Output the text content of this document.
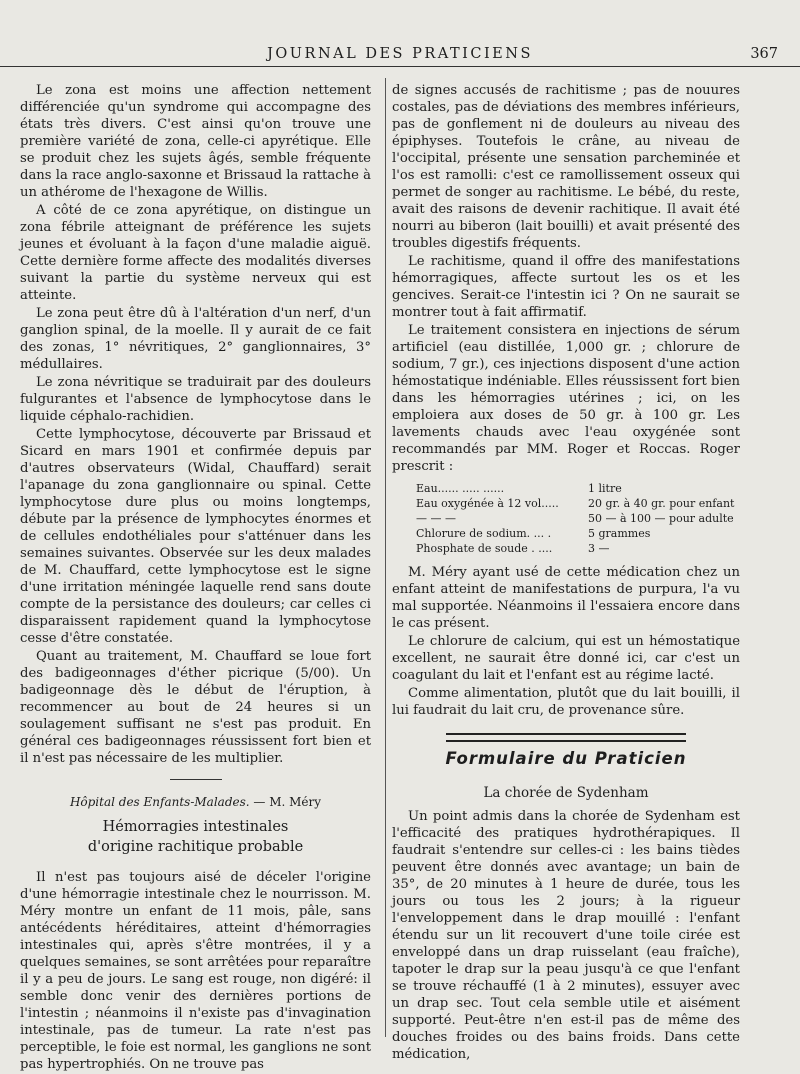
JOURNAL DES PRATICIENS	367

Le zona est moins une affection nettement différenciée qu'un syndrome qui accompagne des états très divers. C'est ainsi qu'on trouve une première variété de zona, celle-ci apyrétique. Elle se produit chez les sujets âgés, semble fréquente dans la race anglo-saxonne et Brissaud la rattache à un athérome de l'hexagone de Willis.

A côté de ce zona apyrétique, on distingue un zona fébrile atteignant de préférence les sujets jeunes et évoluant à la façon d'une maladie aiguë. Cette dernière forme affecte des modalités diverses suivant la partie du système nerveux qui est atteinte.

Le zona peut être dû à l'altération d'un nerf, d'un ganglion spinal, de la moelle. Il y aurait de ce fait des zonas, 1° névritiques, 2° ganglionnaires, 3° médullaires.

Le zona névritique se traduirait par des douleurs fulgurantes et l'absence de lymphocytose dans le liquide céphalo-rachidien.

Cette lymphocytose, découverte par Brissaud et Sicard en mars 1901 et confirmée depuis par d'autres observateurs (Widal, Chauffard) serait l'apanage du zona ganglionnaire ou spinal. Cette lymphocytose dure plus ou moins longtemps, débute par la présence de lymphocytes énormes et de cellules endothéliales pour s'atténuer dans les semaines suivantes. Observée sur les deux malades de M. Chauffard, cette lymphocytose est le signe d'une irritation méningée laquelle rend sans doute compte de la persistance des douleurs; car celles ci disparaissent rapidement quand la lymphocytose cesse d'être constatée.

Quant au traitement, M. Chauffard se loue fort des badigeonnages d'éther picrique (5/00). Un badigeonnage dès le début de l'éruption, à recommencer au bout de 24 heures si un soulagement suffisant ne s'est pas produit. En général ces badigeonnages réussissent fort bien et il n'est pas nécessaire de les multiplier.

Hôpital des Enfants-Malades. — M. Méry
Hémorragies intestinales
d'origine rachitique probable

Il n'est pas toujours aisé de déceler l'origine d'une hémorragie intestinale chez le nourrisson. M. Méry montre un enfant de 11 mois, pâle, sans antécédents héréditaires, atteint d'hémorragies intestinales qui, après s'être montrées, il y a quelques semaines, se sont arrêtées pour reparaître il y a peu de jours. Le sang est rouge, non digéré: il semble donc venir des dernières portions de l'intestin ; néanmoins il n'existe pas d'invagination intestinale, pas de tumeur. La rate n'est pas perceptible, le foie est normal, les ganglions ne sont pas hypertrophiés. On ne trouve pas

de signes accusés de rachitisme ; pas de nouures costales, pas de déviations des membres inférieurs, pas de gonflement ni de douleurs au niveau des épiphyses. Toutefois le crâne, au niveau de l'occipital, présente une sensation parcheminée et l'os est ramolli: c'est ce ramollissement osseux qui permet de songer au rachitisme. Le bébé, du reste, avait des raisons de devenir rachitique. Il avait été nourri au biberon (lait bouilli) et avait présenté des troubles digestifs fréquents.

Le rachitisme, quand il offre des manifestations hémorragiques, affecte surtout les os et les gencives. Serait-ce l'intestin ici ? On ne saurait se montrer tout à fait affirmatif.

Le traitement consistera en injections de sérum artificiel (eau distillée, 1,000 gr. ; chlorure de sodium, 7 gr.), ces injections disposent d'une action hémostatique indéniable. Elles réussissent fort bien dans les hémorragies utérines ; ici, on les emploiera aux doses de 50 gr. à 100 gr. Les lavements chauds avec l'eau oxygénée sont recommandés par MM. Roger et Roccas. Roger prescrit :

Eau...... ..... ......	1 litre
Eau oxygénée à 12 vol.....	20 gr. à 40 gr. pour enfant
— — —	50 — à 100 — pour adulte
Chlorure de sodium. ... .	5 grammes
Phosphate de soude . ....	3 —

M. Méry ayant usé de cette médication chez un enfant atteint de manifestations de purpura, l'a vu mal supportée. Néanmoins il l'essaiera encore dans le cas présent.

Le chlorure de calcium, qui est un hémostatique excellent, ne saurait être donné ici, car c'est un coagulant du lait et l'enfant est au régime lacté.

Comme alimentation, plutôt que du lait bouilli, il lui faudrait du lait cru, de provenance sûre.

Formulaire du Praticien
La chorée de Sydenham

Un point admis dans la chorée de Sydenham est l'efficacité des pratiques hydrothérapiques. Il faudrait s'entendre sur celles-ci : les bains tièdes peuvent être donnés avec avantage; un bain de 35°, de 20 minutes à 1 heure de durée, tous les jours ou tous les 2 jours; à la rigueur l'enveloppement dans le drap mouillé : l'enfant étendu sur un lit recouvert d'une toile cirée est enveloppé dans un drap ruisselant (eau fraîche), tapoter le drap sur la peau jusqu'à ce que l'enfant se trouve réchauffé (1 à 2 minutes), essuyer avec un drap sec. Tout cela semble utile et aisément supporté. Peut-être n'en est-il pas de même des douches froides ou des bains froids. Dans cette médication,
